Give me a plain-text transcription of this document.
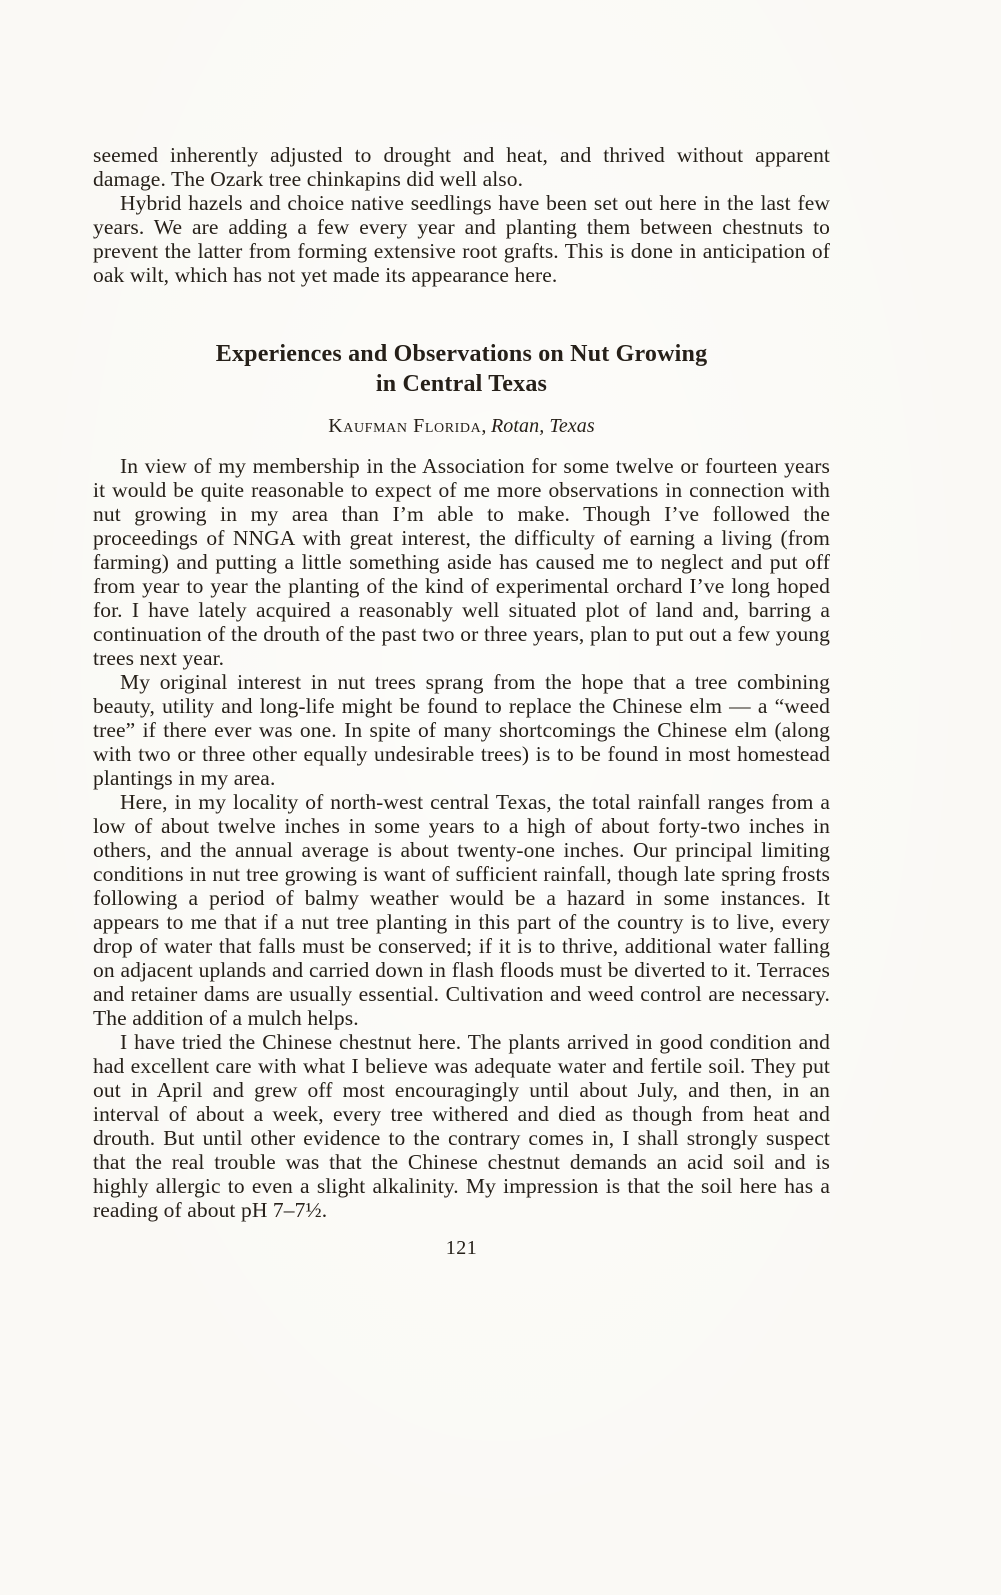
seemed inherently adjusted to drought and heat, and thrived without apparent damage. The Ozark tree chinkapins did well also.

Hybrid hazels and choice native seedlings have been set out here in the last few years. We are adding a few every year and planting them between chestnuts to prevent the latter from forming extensive root grafts. This is done in anticipation of oak wilt, which has not yet made its appearance here.

Experiences and Observations on Nut Growing
in Central Texas
Kaufman Florida, Rotan, Texas

In view of my membership in the Association for some twelve or fourteen years it would be quite reasonable to expect of me more observations in connection with nut growing in my area than I’m able to make. Though I’ve followed the proceedings of NNGA with great interest, the difficulty of earning a living (from farming) and putting a little something aside has caused me to neglect and put off from year to year the planting of the kind of experimental orchard I’ve long hoped for. I have lately acquired a reasonably well situated plot of land and, barring a continuation of the drouth of the past two or three years, plan to put out a few young trees next year.

My original interest in nut trees sprang from the hope that a tree combining beauty, utility and long-life might be found to replace the Chinese elm — a “weed tree” if there ever was one. In spite of many shortcomings the Chinese elm (along with two or three other equally undesirable trees) is to be found in most homestead plantings in my area.

Here, in my locality of north-west central Texas, the total rainfall ranges from a low of about twelve inches in some years to a high of about forty-two inches in others, and the annual average is about twenty-one inches. Our principal limiting conditions in nut tree growing is want of sufficient rainfall, though late spring frosts following a period of balmy weather would be a hazard in some instances. It appears to me that if a nut tree planting in this part of the country is to live, every drop of water that falls must be conserved; if it is to thrive, additional water falling on adjacent uplands and carried down in flash floods must be diverted to it. Terraces and retainer dams are usually essential. Cultivation and weed control are necessary. The addition of a mulch helps.

I have tried the Chinese chestnut here. The plants arrived in good condition and had excellent care with what I believe was adequate water and fertile soil. They put out in April and grew off most encouragingly until about July, and then, in an interval of about a week, every tree withered and died as though from heat and drouth. But until other evidence to the contrary comes in, I shall strongly suspect that the real trouble was that the Chinese chestnut demands an acid soil and is highly allergic to even a slight alkalinity. My impression is that the soil here has a reading of about pH 7–7½.

121
